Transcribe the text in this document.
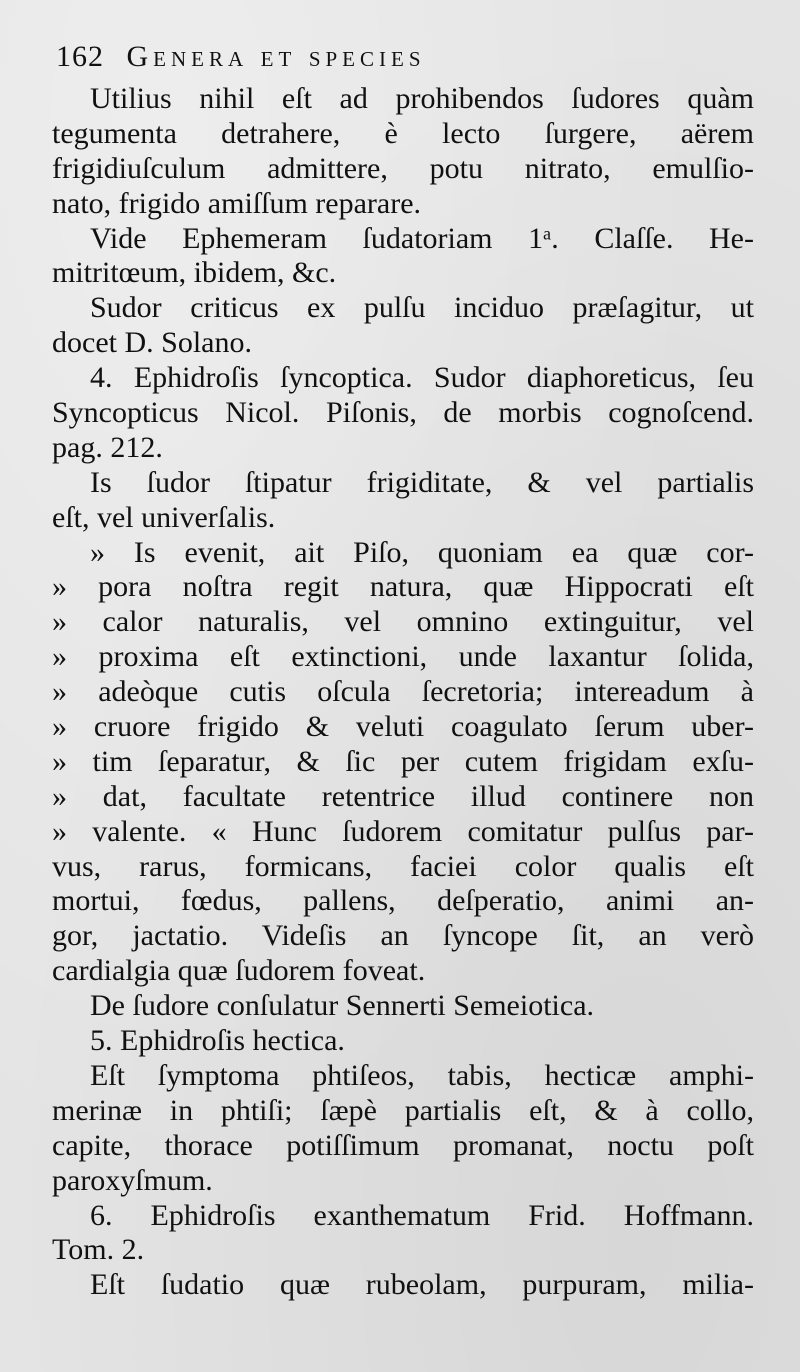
162 Genera et species
Utilius nihil eſt ad prohibendos ſudores quàm
tegumenta detrahere, è lecto ſurgere, aërem
frigidiuſculum admittere, potu nitrato, emulſio-
nato, frigido amiſſum reparare.
Vide Ephemeram ſudatoriam 1ᵃ. Claſſe. He-
mitritœum, ibidem, &c.
Sudor criticus ex pulſu inciduo præſagitur, ut
docet D. Solano.
4. Ephidroſis ſyncoptica. Sudor diaphoreticus, ſeu
Syncopticus Nicol. Piſonis, de morbis cognoſcend.
pag. 212.
Is ſudor ſtipatur frigiditate, & vel partialis
eſt, vel univerſalis.
» Is evenit, ait Piſo, quoniam ea quæ cor-
» pora noſtra regit natura, quæ Hippocrati eſt
» calor naturalis, vel omnino extinguitur, vel
» proxima eſt extinctioni, unde laxantur ſolida,
» adeòque cutis oſcula ſecretoria; intereadum à
» cruore frigido & veluti coagulato ſerum uber-
» tim ſeparatur, & ſic per cutem frigidam exſu-
» dat, facultate retentrice illud continere non
» valente. « Hunc ſudorem comitatur pulſus par-
vus, rarus, formicans, faciei color qualis eſt
mortui, fœdus, pallens, deſperatio, animi an-
gor, jactatio. Videſis an ſyncope ſit, an verò
cardialgia quæ ſudorem foveat.
De ſudore conſulatur Sennerti Semeiotica.
5. Ephidroſis hectica.
Eſt ſymptoma phtiſeos, tabis, hecticæ amphi-
merinæ in phtiſi; ſæpè partialis eſt, & à collo,
capite, thorace potiſſimum promanat, noctu poſt
paroxyſmum.
6. Ephidroſis exanthematum Frid. Hoffmann.
Tom. 2.
Eſt ſudatio quæ rubeolam, purpuram, milia-
